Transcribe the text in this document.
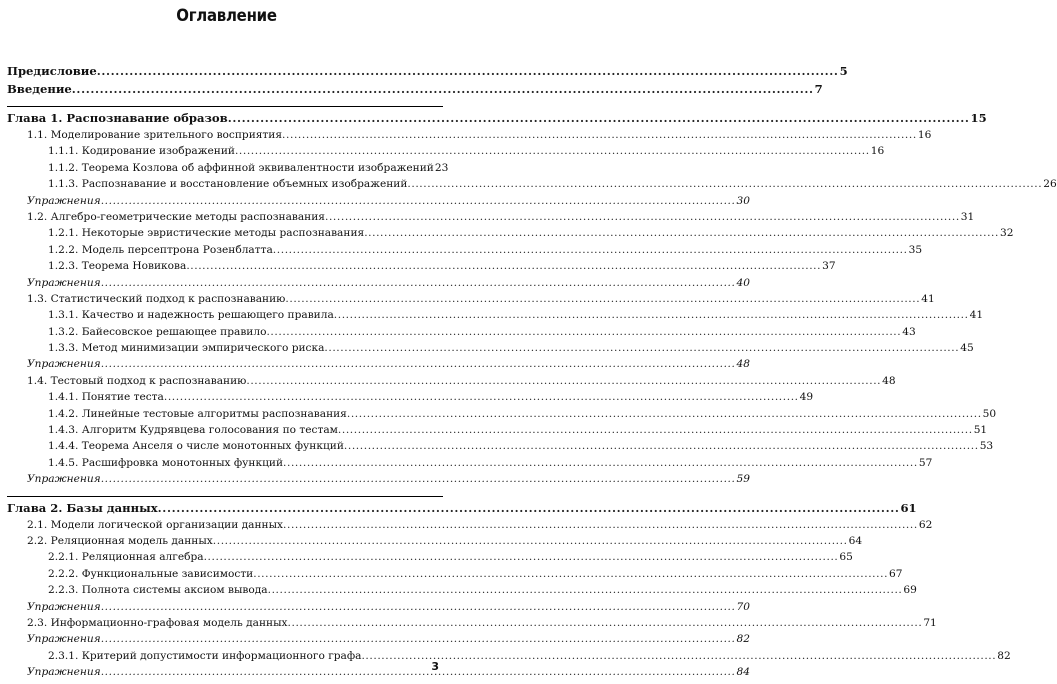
Оглавление
Предисловие .....	5
Введение .....	7
Глава 1. Распознавание образов .....	15
1.1. Моделирование зрительного восприятия .....	16
1.1.1. Кодирование изображений .....	16
1.1.2. Теорема Козлова об аффинной эквивалентности изображений 23
1.1.3. Распознавание и восстановление объемных изображений .....	26
Упражнения .....	30
1.2. Алгебро-геометрические методы распознавания .....	31
1.2.1. Некоторые эвристические методы распознавания .....	32
1.2.2. Модель персептрона Розенблатта .....	35
1.2.3. Теорема Новикова .....	37
Упражнения .....	40
1.3. Статистический подход к распознаванию .....	41
1.3.1. Качество и надежность решающего правила .....	41
1.3.2. Байесовское решающее правило .....	43
1.3.3. Метод минимизации эмпирического риска .....	45
Упражнения .....	48
1.4. Тестовый подход к распознаванию .....	48
1.4.1. Понятие теста .....	49
1.4.2. Линейные тестовые алгоритмы распознавания .....	50
1.4.3. Алгоритм Кудрявцева голосования по тестам .....	51
1.4.4. Теорема Анселя о числе монотонных функций .....	53
1.4.5. Расшифровка монотонных функций .....	57
Упражнения .....	59
Глава 2. Базы данных .....	61
2.1. Модели логической организации данных .....	62
2.2. Реляционная модель данных .....	64
2.2.1. Реляционная алгебра .....	65
2.2.2. Функциональные зависимости .....	67
2.2.3. Полнота системы аксиом вывода .....	69
Упражнения .....	70
2.3. Информационно-графовая модель данных .....	71
Упражнения .....	82
2.3.1. Критерий допустимости информационного графа .....	82
Упражнения .....	84
3
